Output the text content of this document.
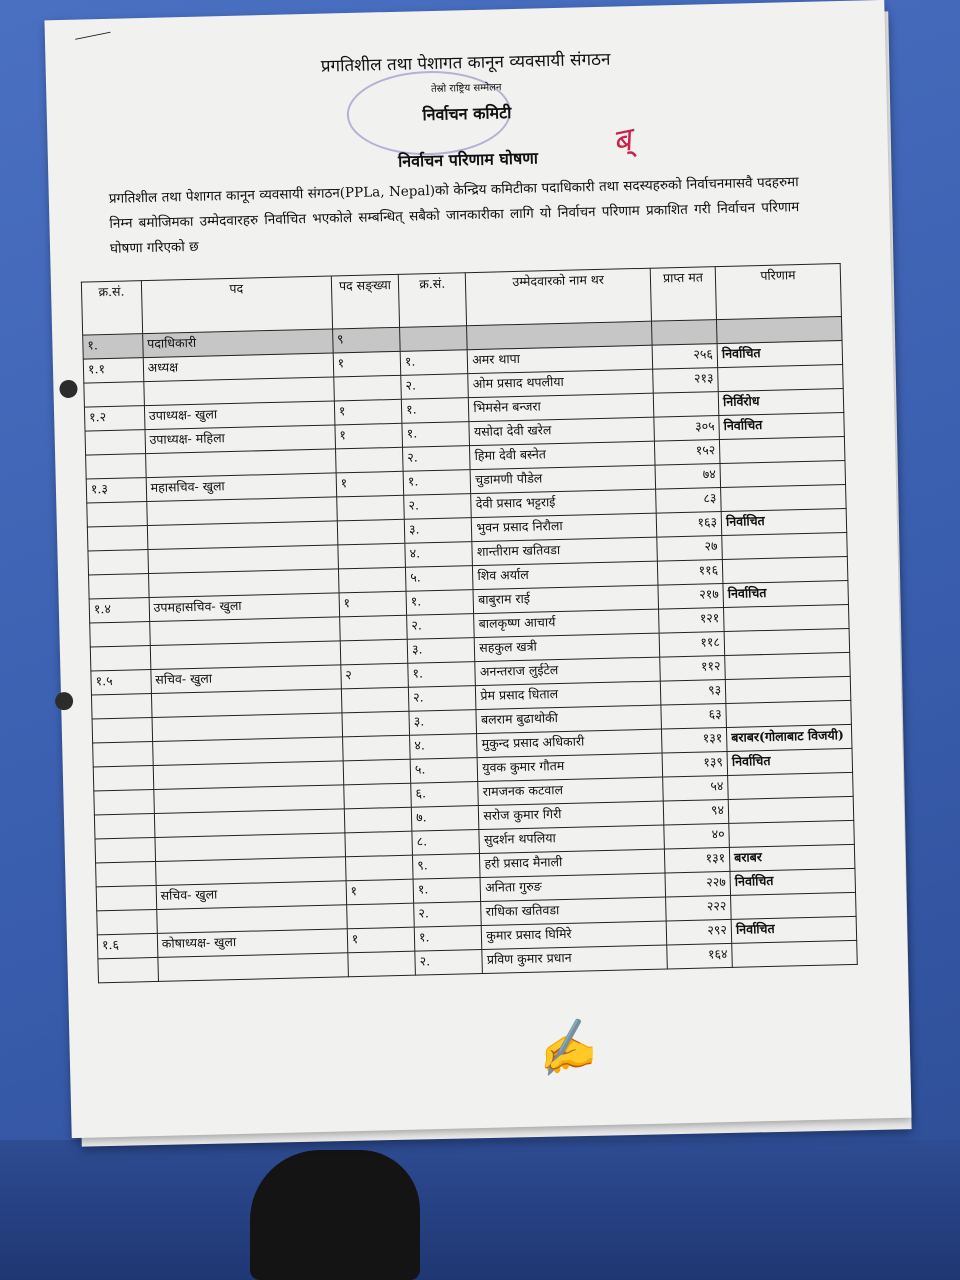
प्रगतिशील तथा पेशागत कानून व्यवसायी संगठन
तेस्रो राष्ट्रिय सम्मेलन
निर्वाचन कमिटी
निर्वाचन परिणाम घोषणा	ब्
प्रगतिशील तथा पेशागत कानून व्यवसायी संगठन(PPLa, Nepal)को केन्द्रिय कमिटीका पदाधिकारी तथा सदस्यहरुको निर्वाचनमासवै पदहरुमा निम्न बमोजिमका उम्मेदवारहरु निर्वाचित भएकोले सम्बन्धित् सबैको जानकारीका लागि यो निर्वाचन परिणाम प्रकाशित गरी निर्वाचन परिणाम घोषणा गरिएको छ
क्र.सं.	पद	पद सङ्ख्या	क्र.सं.	उम्मेदवारको नाम थर	प्राप्त मत	परिणाम
१.	पदाधिकारी	९				
१.१	अध्यक्ष	१	१.	अमर थापा	२५६	निर्वाचित
			२.	ओम प्रसाद थपलीया	२१३	
१.२	उपाध्यक्ष- खुला	१	१.	भिमसेन बन्जरा		निर्विरोध
	उपाध्यक्ष- महिला	१	१.	यसोदा देवी खरेल	३०५	निर्वाचित
			२.	हिमा देवी बस्नेत	१५२	
१.३	महासचिव- खुला	१	१.	चुडामणी पौडेल	७४	
			२.	देवी प्रसाद भट्टराई	८३	
			३.	भुवन प्रसाद निरौला	१६३	निर्वाचित
			४.	शान्तीराम खतिवडा	२७	
			५.	शिव अर्याल	११६	
१.४	उपमहासचिव- खुला	१	१.	बाबुराम राई	२१७	निर्वाचित
			२.	बालकृष्ण आचार्य	१२१	
			३.	सहकुल खत्री	११८	
१.५	सचिव- खुला	२	१.	अनन्तराज लुईटेल	११२	
			२.	प्रेम प्रसाद धिताल	९३	
			३.	बलराम बुढाथोकी	६३	
			४.	मुकुन्द प्रसाद अधिकारी	१३१	बराबर(गोलाबाट विजयी)
			५.	युवक कुमार गौतम	१३९	निर्वाचित
			६.	रामजनक कटवाल	५४	
			७.	सरोज कुमार गिरी	९४	
			८.	सुदर्शन थपलिया	४०	
			९.	हरी प्रसाद मैनाली	१३१	बराबर
	सचिव- खुला	१	१.	अनिता गुरुङ	२२७	निर्वाचित
			२.	राधिका खतिवडा	२२२	
१.६	कोषाध्यक्ष- खुला	१	१.	कुमार प्रसाद घिमिरे	२९२	निर्वाचित
			२.	प्रविण कुमार प्रधान	१६४	
✍
